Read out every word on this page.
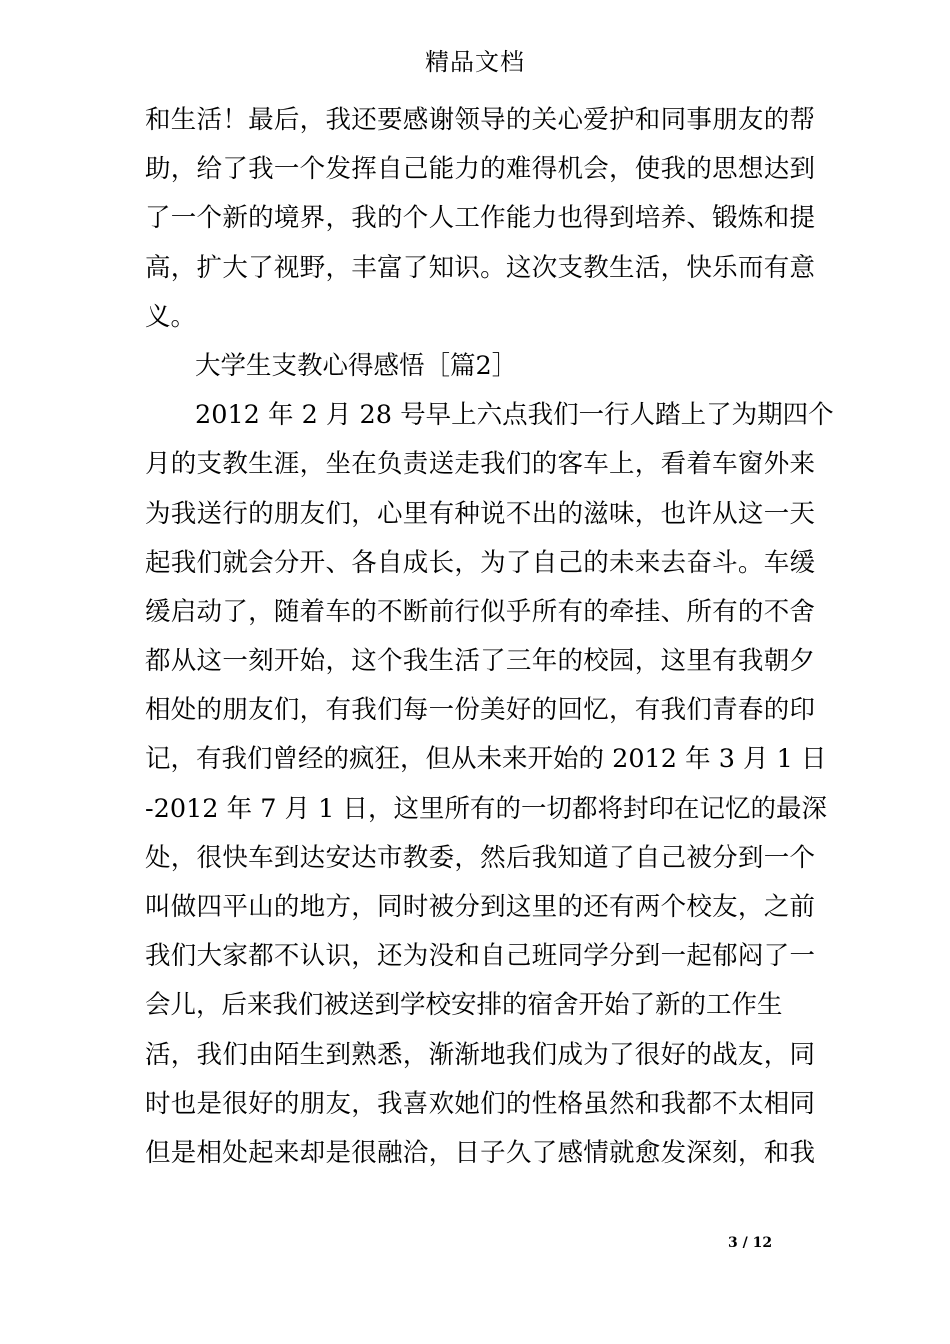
精品文档
和生活！最后，我还要感谢领导的关心爱护和同事朋友的帮
助，给了我一个发挥自己能力的难得机会，使我的思想达到
了一个新的境界，我的个人工作能力也得到培养、锻炼和提
高，扩大了视野，丰富了知识。这次支教生活，快乐而有意
义。
大学生支教心得感悟［篇2］
2012 年 2 月 28 号早上六点我们一行人踏上了为期四个
月的支教生涯，坐在负责送走我们的客车上，看着车窗外来
为我送行的朋友们，心里有种说不出的滋味，也许从这一天
起我们就会分开、各自成长，为了自己的未来去奋斗。车缓
缓启动了，随着车的不断前行似乎所有的牵挂、所有的不舍
都从这一刻开始，这个我生活了三年的校园，这里有我朝夕
相处的朋友们，有我们每一份美好的回忆，有我们青春的印
记，有我们曾经的疯狂，但从未来开始的 2012 年 3 月 1 日
-2012 年 7 月 1 日，这里所有的一切都将封印在记忆的最深
处，很快车到达安达市教委，然后我知道了自己被分到一个
叫做四平山的地方，同时被分到这里的还有两个校友，之前
我们大家都不认识，还为没和自己班同学分到一起郁闷了一
会儿，后来我们被送到学校安排的宿舍开始了新的工作生
活，我们由陌生到熟悉，渐渐地我们成为了很好的战友，同
时也是很好的朋友，我喜欢她们的性格虽然和我都不太相同
但是相处起来却是很融洽，日子久了感情就愈发深刻，和我
3 / 12
